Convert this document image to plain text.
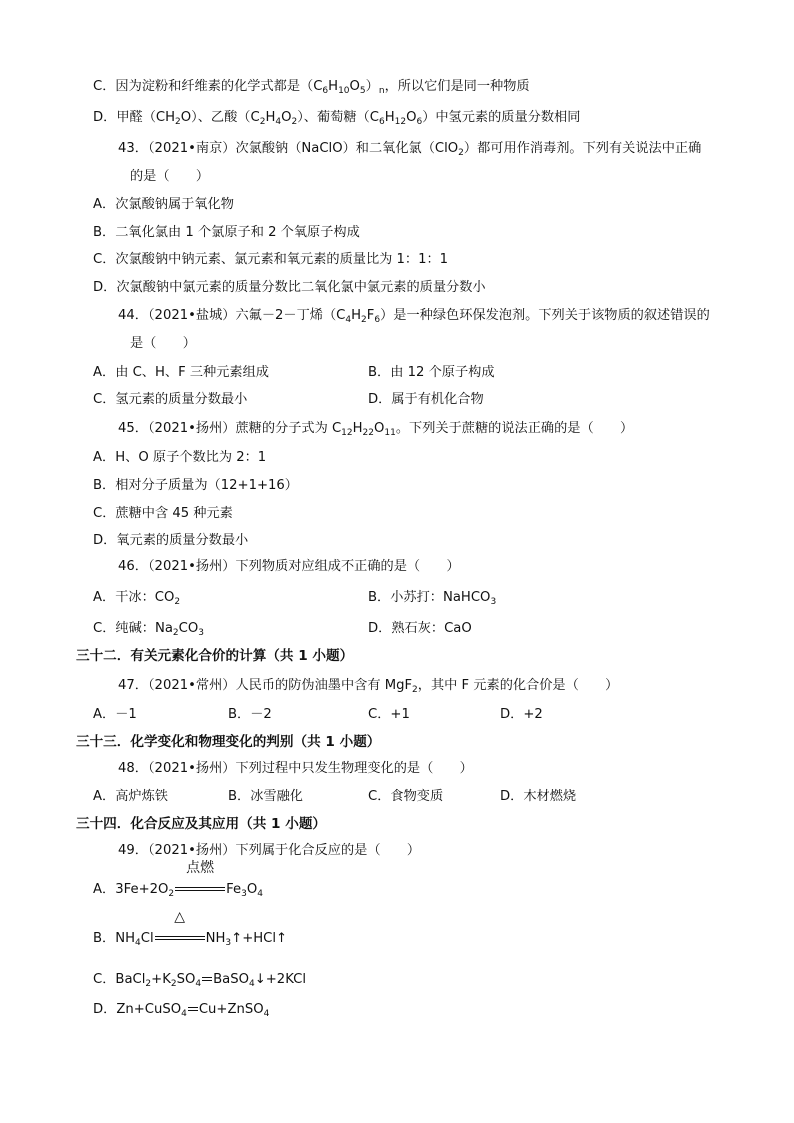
C．因为淀粉和纤维素的化学式都是$(C_6H_{10}O_5)_n$，所以它们是同一种物质
D．甲醛$(CH_2O)$、乙酸$(C_2H_4O_2)$、葡萄糖$(C_6H_{12}O_6)$中氢元素的质量分数相同
43．（2021•南京）次氯酸钠（NaClO）和二氧化氯（ClO$_2$）都可用作消毒剂。下列有关说法中正确
的是（　　）
A．次氯酸钠属于氧化物
B．二氧化氯由 1 个氯原子和 2 个氧原子构成
C．次氯酸钠中钠元素、氯元素和氧元素的质量比为 1：1：1
D．次氯酸钠中氯元素的质量分数比二氧化氯中氯元素的质量分数小
44．（2021•盐城）六氟－2－丁烯$(C_4H_2F_6)$是一种绿色环保发泡剂。下列关于该物质的叙述错误的
是（　　）
A．由 C、H、F 三种元素组成	B．由 12 个原子构成
C．氢元素的质量分数最小	D．属于有机化合物
45．（2021•扬州）蔗糖的分子式为 $C_{12}H_{22}O_{11}$。下列关于蔗糖的说法正确的是（　　）
A．H、O 原子个数比为 2：1
B．相对分子质量为（12+1+16）
C．蔗糖中含 45 种元素
D．氧元素的质量分数最小
46．（2021•扬州）下列物质对应组成不正确的是（　　）
A．干冰：$CO_2$	B．小苏打：NaHCO$_3$
C．纯碱：$Na_2CO_3$	D．熟石灰：CaO
三十二．有关元素化合价的计算（共 1 小题）
47．（2021•常州）人民币的防伪油墨中含有 MgF$_2$，其中 F 元素的化合价是（　　）
A．－1	B．－2	C．+1	D．+2
三十三．化学变化和物理变化的判别（共 1 小题）
48．（2021•扬州）下列过程中只发生物理变化的是（　　）
A．高炉炼铁	B．冰雪融化	C．食物变质	D．木材燃烧
三十四．化合反应及其应用（共 1 小题）
49．（2021•扬州）下列属于化合反应的是（　　）
A．$3Fe+2O_2$
点燃
$Fe_3O_4$
B．$NH_4Cl$
△
$NH_3↑+HCl↑$
C．$BaCl_2+K_2SO_4$ BaSO$_4$↓+2KCl
D．Zn+CuSO$_4$ Cu+ZnSO$_4$
